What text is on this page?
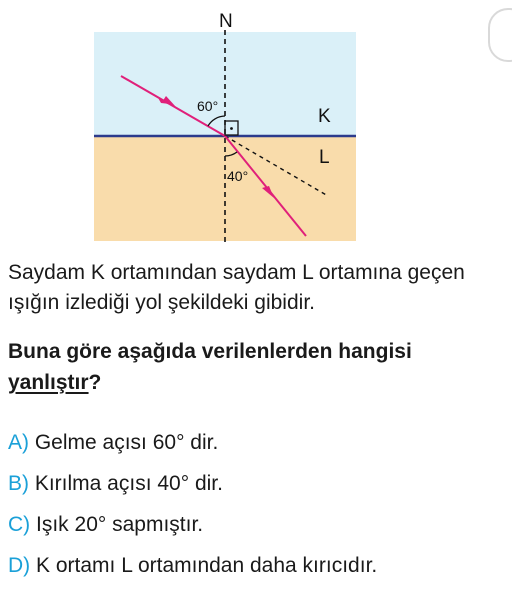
N
K
L
60°
40°
Saydam K ortamından saydam L ortamına geçen ışığın izlediği yol şekildeki gibidir.
Buna göre aşağıda verilenlerden hangisi yanlıştır?
A) Gelme açısı 60° dir.
B) Kırılma açısı 40° dir.
C) Işık 20° sapmıştır.
D) K ortamı L ortamından daha kırıcıdır.
